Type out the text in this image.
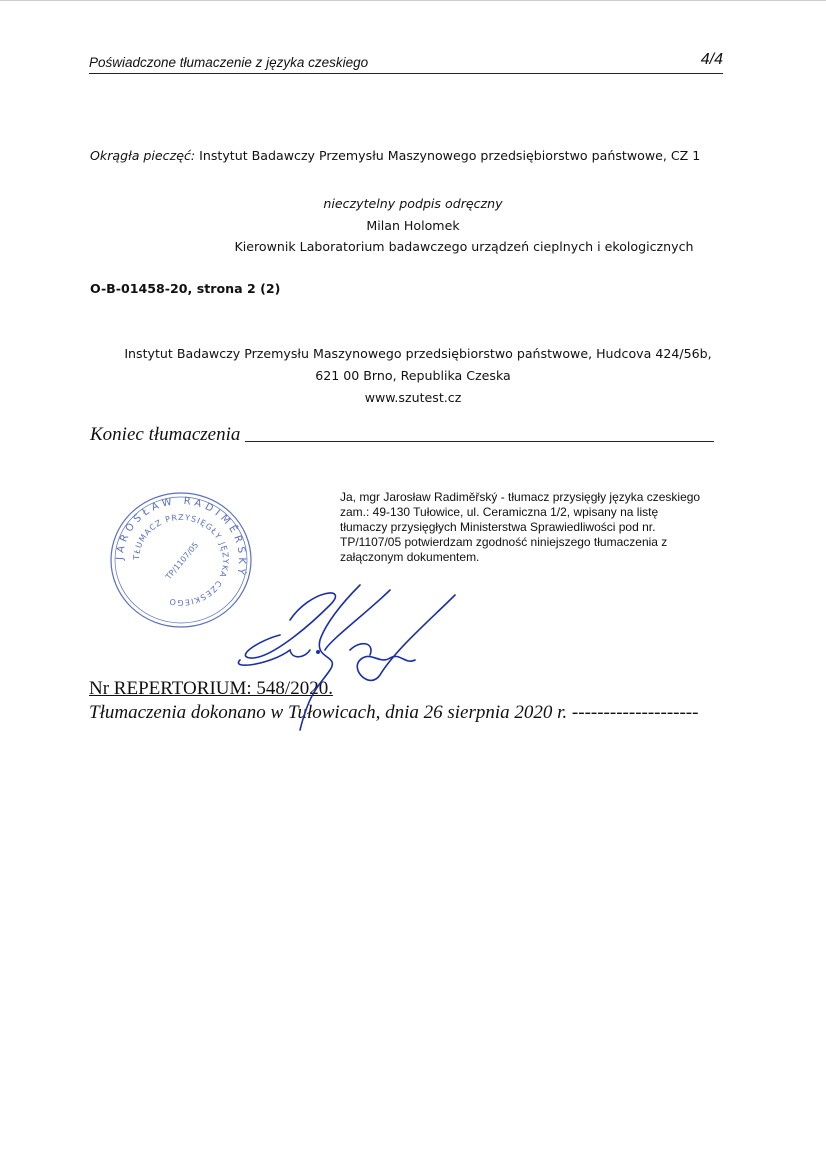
Poświadczone tłumaczenie z języka czeskiego	4/4
Okrągła pieczęć: Instytut Badawczy Przemysłu Maszynowego przedsiębiorstwo państwowe, CZ 1
nieczytelny podpis odręczny
Milan Holomek
Kierownik Laboratorium badawczego urządzeń cieplnych i ekologicznych
O-B-01458-20, strona 2 (2)
Instytut Badawczy Przemysłu Maszynowego przedsiębiorstwo państwowe, Hudcova 424/56b,
621 00 Brno, Republika Czeska
www.szutest.cz
Koniec tłumaczenia
JAROSŁAW RADIMĚRSKÝ
TŁUMACZ PRZYSIĘGŁY JĘZYKA CZESKIEGO
TP/1107/05
Ja, mgr Jarosław Radiměřský - tłumacz przysięgły języka czeskiego
zam.: 49-130 Tułowice, ul. Ceramiczna 1/2, wpisany na listę
tłumaczy przysięgłych Ministerstwa Sprawiedliwości pod nr.
TP/1107/05 potwierdzam zgodność niniejszego tłumaczenia z
załączonym dokumentem.
Nr REPERTORIUM: 548/2020.
Tłumaczenia dokonano w Tułowicach, dnia 26 sierpnia 2020 r. --------------------
